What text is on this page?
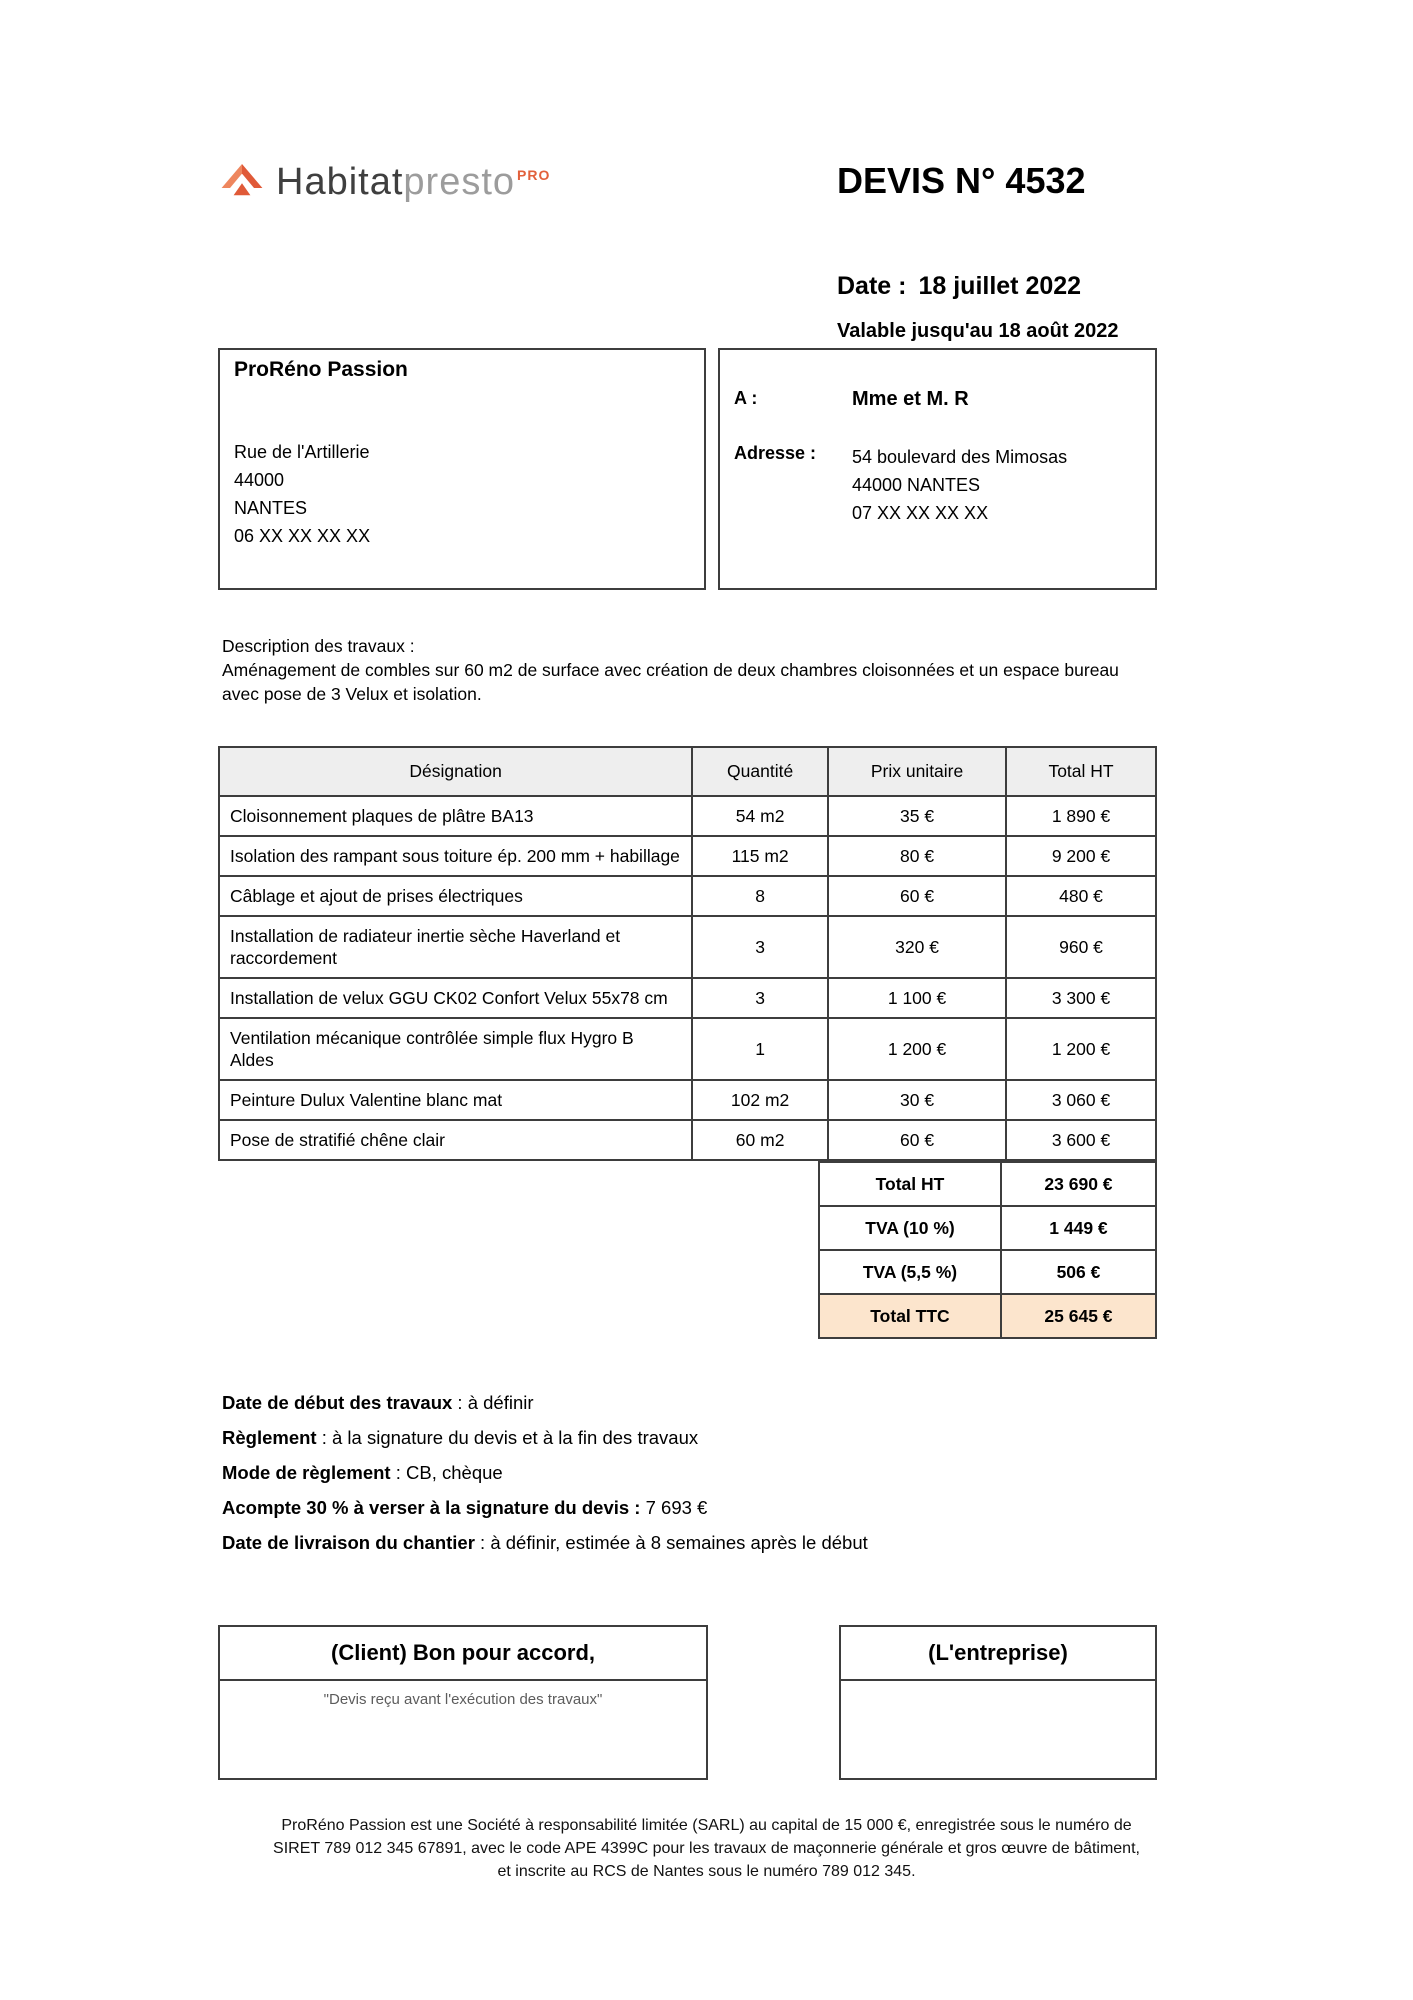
Habitatpresto $^{PRO}$	DEVIS N° 4532
Date : 18 juillet 2022
Valable jusqu'au 18 août 2022
ProRéno Passion
Rue de l'Artillerie
44000
NANTES
06 XX XX XX XX
A :	Mme et M. R
Adresse :	54 boulevard des Mimosas
44000 NANTES
07 XX XX XX XX
Description des travaux :
Aménagement de combles sur 60 m2 de surface avec création de deux chambres cloisonnées et un espace bureau avec pose de 3 Velux et isolation.
Désignation	Quantité	Prix unitaire	Total HT
Cloisonnement plaques de plâtre BA13	54 m2	35 €	1 890 €
Isolation des rampant sous toiture ép. 200 mm + habillage	115 m2	80 €	9 200 €
Câblage et ajout de prises électriques	8	60 €	480 €
Installation de radiateur inertie sèche Haverland et raccordement	3	320 €	960 €
Installation de velux GGU CK02 Confort Velux 55x78 cm	3	1 100 €	3 300 €
Ventilation mécanique contrôlée simple flux Hygro B Aldes	1	1 200 €	1 200 €
Peinture Dulux Valentine blanc mat	102 m2	30 €	3 060 €
Pose de stratifié chêne clair	60 m2	60 €	3 600 €
Total HT	23 690 €
TVA (10 %)	1 449 €
TVA (5,5 %)	506 €
Total TTC	25 645 €
Date de début des travaux : à définir
Règlement : à la signature du devis et à la fin des travaux
Mode de règlement : CB, chèque
Acompte 30 % à verser à la signature du devis : 7 693 €
Date de livraison du chantier : à définir, estimée à 8 semaines après le début
(Client) Bon pour accord,
"Devis reçu avant l'exécution des travaux"
(L'entreprise)
ProRéno Passion est une Société à responsabilité limitée (SARL) au capital de 15 000 €, enregistrée sous le numéro de
SIRET 789 012 345 67891, avec le code APE 4399C pour les travaux de maçonnerie générale et gros œuvre de bâtiment,
et inscrite au RCS de Nantes sous le numéro 789 012 345.
